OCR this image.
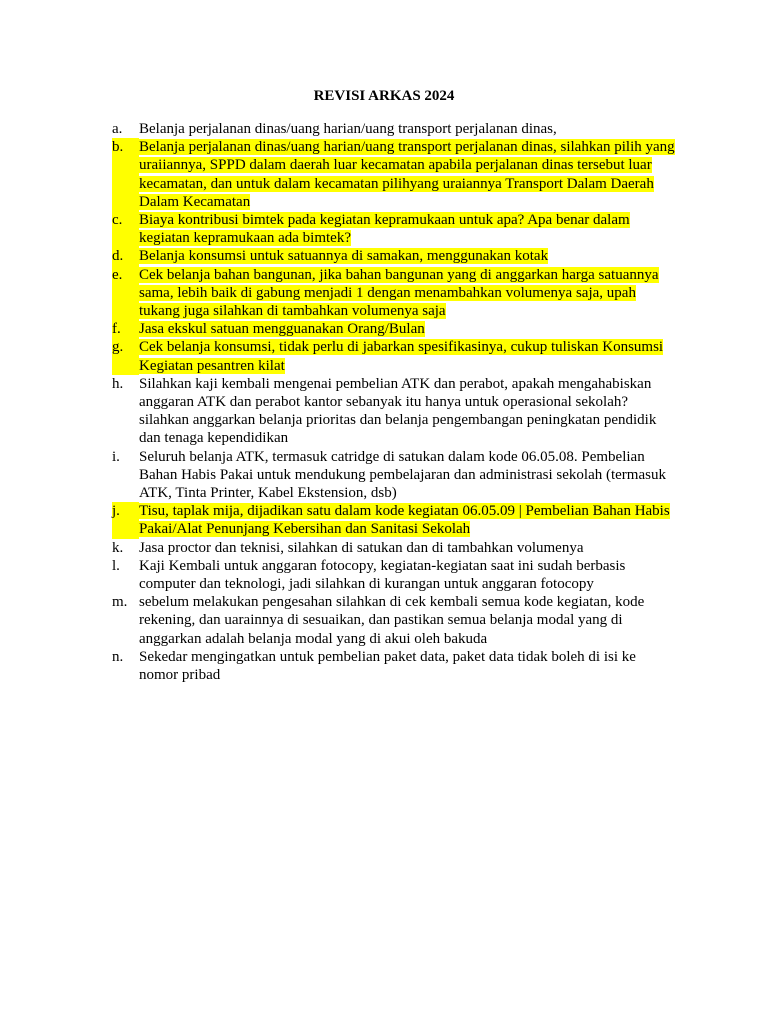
REVISI ARKAS 2024
a.	Belanja perjalanan dinas/uang harian/uang transport perjalanan dinas,
b.	Belanja perjalanan dinas/uang harian/uang transport perjalanan dinas, silahkan pilih yang uraiiannya, SPPD dalam daerah luar kecamatan apabila perjalanan dinas tersebut luar kecamatan, dan untuk dalam kecamatan pilihyang uraiannya Transport Dalam Daerah Dalam Kecamatan
c.	Biaya kontribusi bimtek pada kegiatan kepramukaan untuk apa? Apa benar dalam kegiatan kepramukaan ada bimtek?
d.	Belanja konsumsi untuk satuannya di samakan, menggunakan kotak
e.	Cek belanja bahan bangunan, jika bahan bangunan yang di anggarkan harga satuannya sama, lebih baik di gabung menjadi 1 dengan menambahkan volumenya saja, upah tukang juga silahkan di tambahkan volumenya saja
f.	Jasa ekskul satuan mengguanakan Orang/Bulan
g.	Cek belanja konsumsi, tidak perlu di jabarkan spesifikasinya, cukup tuliskan Konsumsi Kegiatan pesantren kilat
h.	Silahkan kaji kembali mengenai pembelian ATK dan perabot, apakah mengahabiskan anggaran ATK dan perabot kantor sebanyak itu hanya untuk operasional sekolah? silahkan anggarkan belanja prioritas dan belanja pengembangan peningkatan pendidik dan tenaga kependidikan
i.	Seluruh belanja ATK, termasuk catridge di satukan dalam kode 06.05.08. Pembelian Bahan Habis Pakai untuk mendukung pembelajaran dan administrasi sekolah (termasuk ATK, Tinta Printer, Kabel Ekstension, dsb)
j.	Tisu, taplak mija, dijadikan satu dalam kode kegiatan 06.05.09 | Pembelian Bahan Habis Pakai/Alat Penunjang Kebersihan dan Sanitasi Sekolah
k.	Jasa proctor dan teknisi, silahkan di satukan dan di tambahkan volumenya
l.	Kaji Kembali untuk anggaran fotocopy, kegiatan-kegiatan saat ini sudah berbasis computer dan teknologi, jadi silahkan di kurangan untuk anggaran fotocopy
m. sebelum melakukan pengesahan silahkan di cek kembali semua kode kegiatan, kode rekening, dan uarainnya di sesuaikan, dan pastikan semua belanja modal yang di anggarkan adalah belanja modal yang di akui oleh bakuda
n.	Sekedar mengingatkan untuk pembelian paket data, paket data tidak boleh di isi ke nomor pribad
